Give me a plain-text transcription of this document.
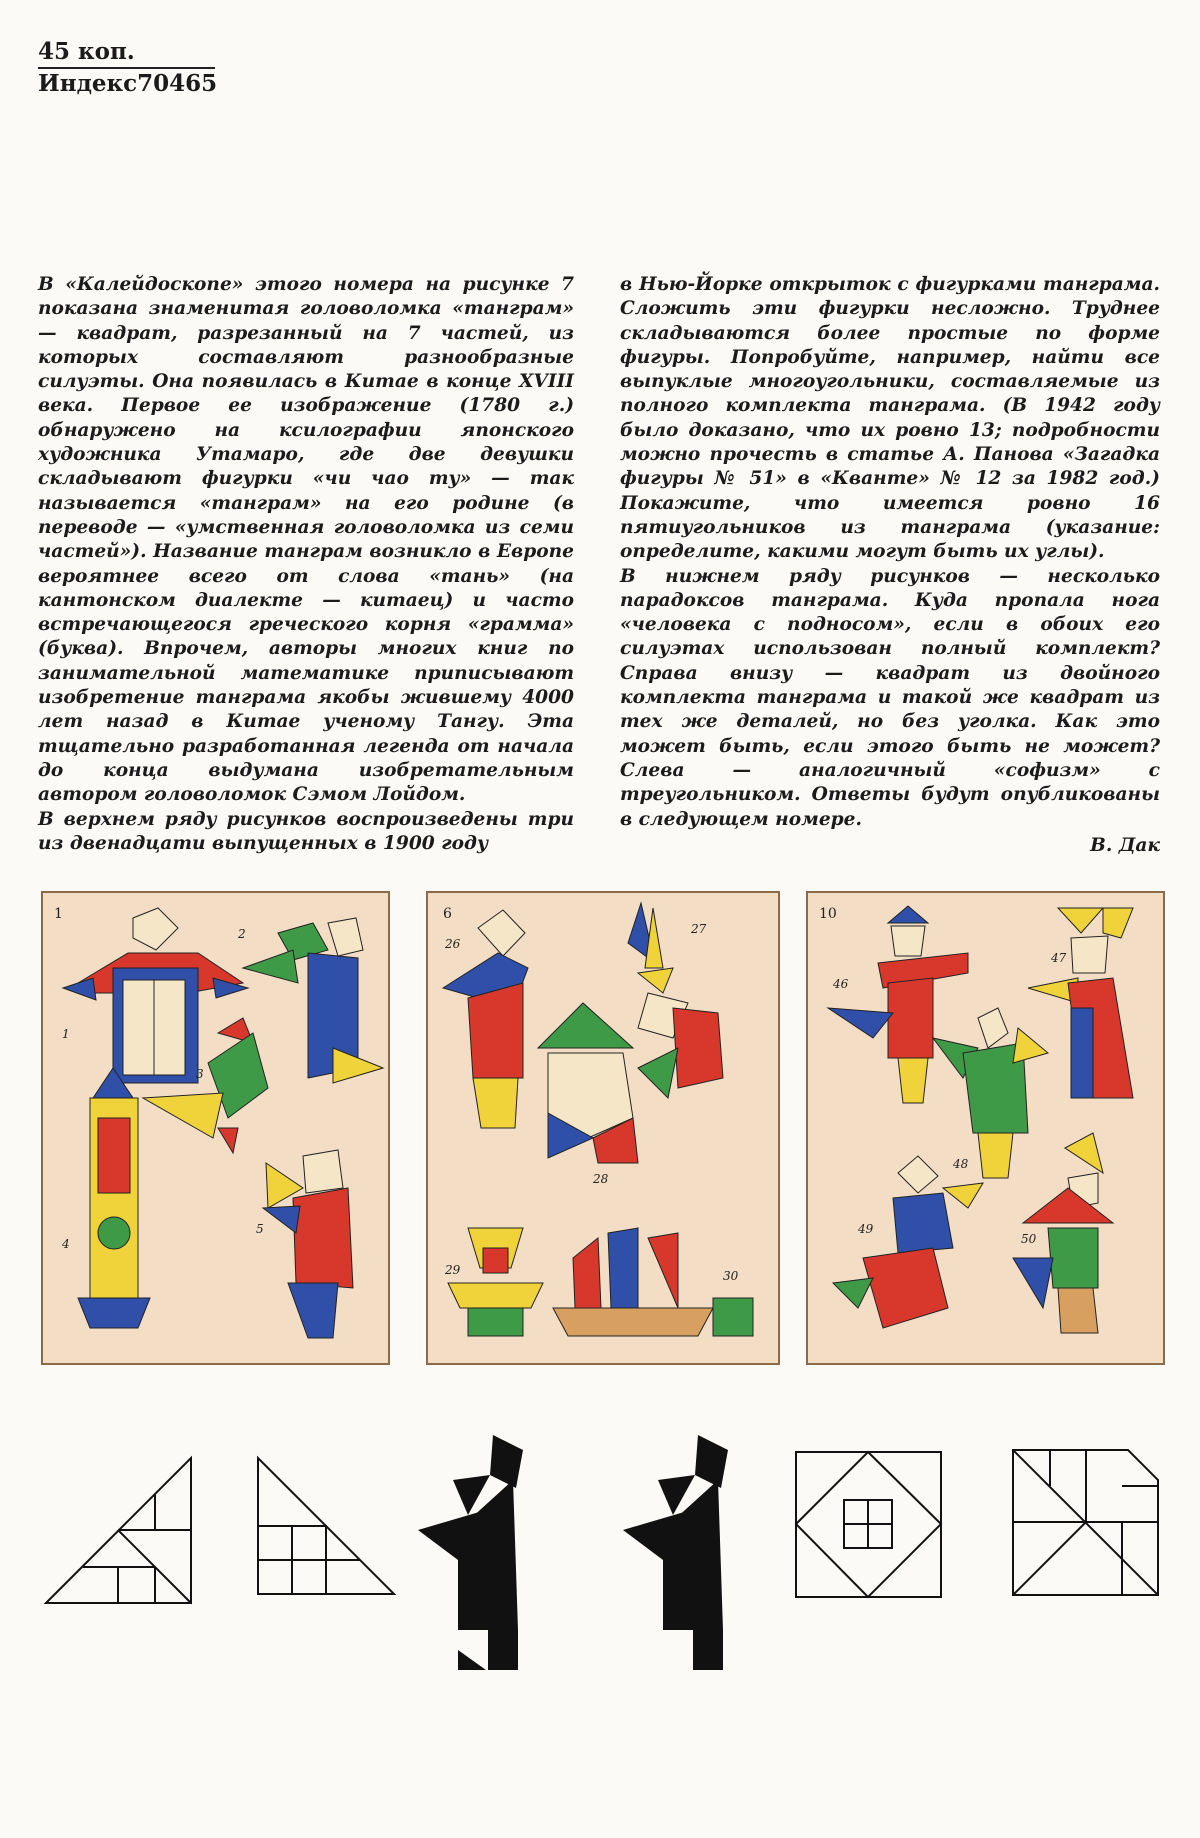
45 коп.
Индекс 70465

В «Калейдоскопе» этого номера на рисунке 7 показана знаменитая головоломка «танграм» — квадрат, разрезанный на 7 частей, из которых составляют разнообразные силуэты. Она появилась в Китае в конце XVIII века. Первое ее изображение (1780 г.) обнаружено на ксилографии японского художника Утамаро, где две девушки складывают фигурки «чи чао ту» — так называется «танграм» на его родине (в переводе — «умственная головоломка из семи частей»). Название танграм возникло в Европе вероятнее всего от слова «тань» (на кантонском диалекте — китаец) и часто встречающегося греческого корня «грамма» (буква). Впрочем, авторы многих книг по занимательной математике приписывают изобретение танграма якобы жившему 4000 лет назад в Китае ученому Тангу. Эта тщательно разработанная легенда от начала до конца выдумана изобретательным автором головоломок Сэмом Лойдом.

В верхнем ряду рисунков воспроизведены три из двенадцати выпущенных в 1900 году

в Нью-Йорке открыток с фигурками танграма. Сложить эти фигурки несложно. Труднее складываются более простые по форме фигуры. Попробуйте, например, найти все выпуклые многоугольники, составляемые из полного комплекта танграма. (В 1942 году было доказано, что их ровно 13; подробности можно прочесть в статье А. Панова «Загадка фигуры № 51» в «Кванте» № 12 за 1982 год.) Покажите, что имеется ровно 16 пятиугольников из танграма (указание: определите, какими могут быть их углы).

В нижнем ряду рисунков — несколько парадоксов танграма. Куда пропала нога «человека с подносом», если в обоих его силуэтах использован полный комплект? Справа внизу — квадрат из двойного комплекта танграма и такой же квадрат из тех же деталей, но без уголка. Как это может быть, если этого быть не может? Слева — аналогичный «софизм» с треугольником. Ответы будут опубликованы в следующем номере.

В. Дак
1
1
2
3
4
5
6
26
27
28
29	30
10
46
47
48
49
50
